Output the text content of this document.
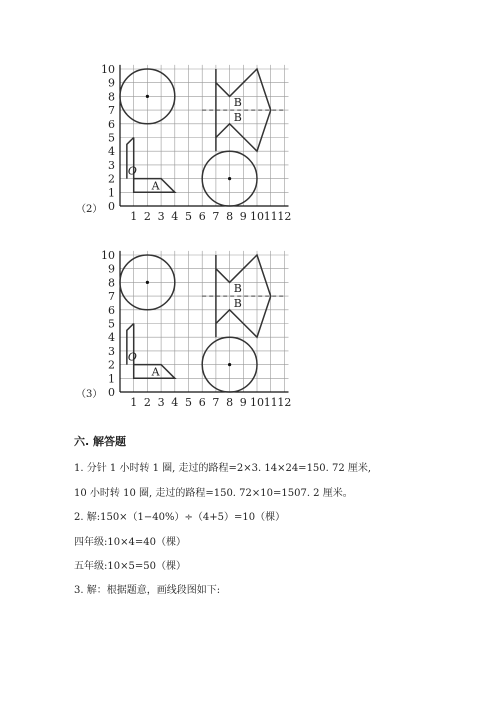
0
1
2
3
4
5
6
7
8
9
10
1 2 3 4 5 6 7 8 9 10 11 12
O
A
B
B
（2）
0
1
2
3
4
5
6
7
8
9
10
1 2 3 4 5 6 7 8 9 10 11 12
O
A
B
B
（3）
六. 解答题
1. 分针 1 小时转 1 圈, 走过的路程=2×3. 14×24=150. 72 厘米,
10 小时转 10 圈, 走过的路程=150. 72×10=1507. 2 厘米。
2. 解:150×（1−40%）÷（4+5）=10（棵）
四年级:10×4=40（棵）
五年级:10×5=50（棵）
3. 解：根据题意，画线段图如下:
